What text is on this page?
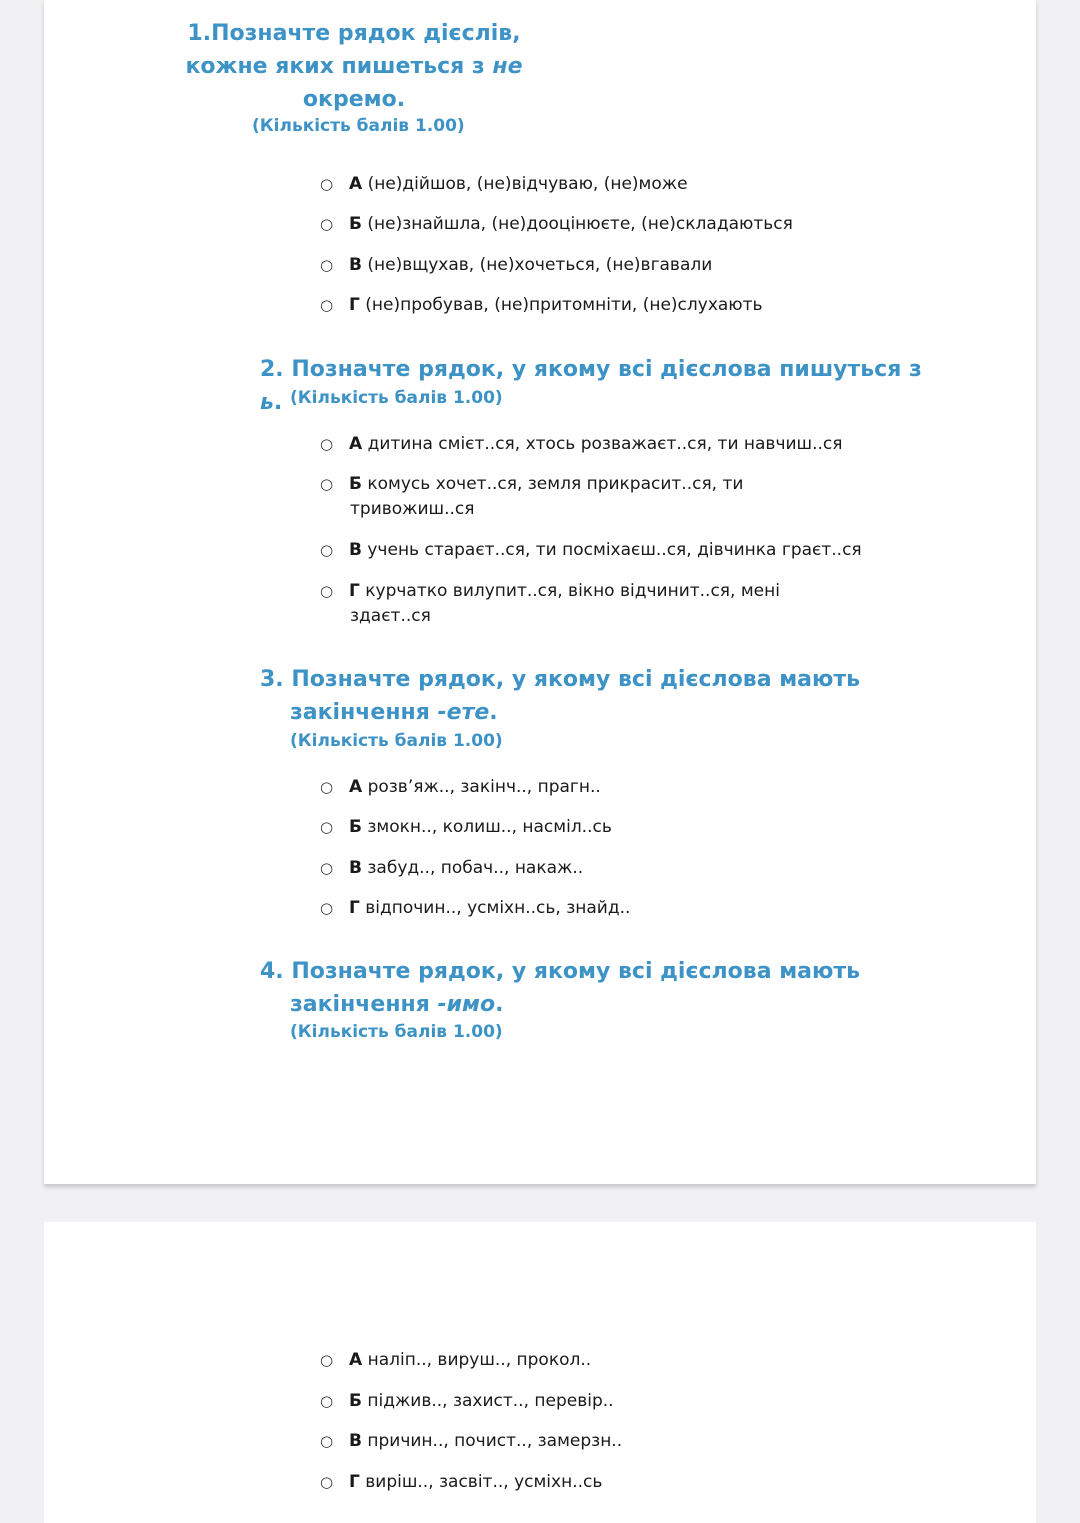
1.Позначте рядок дієслів, кожне яких пишеться з не окремо.
(Кількість балів 1.00)
○ А (не)дійшов, (не)відчуваю, (не)може
○ Б (не)знайшла, (не)дооцінюєте, (не)складаються
○ В (не)вщухав, (не)хочеться, (не)вгавали
○ Г (не)пробував, (не)притомніти, (не)слухають
2. Позначте рядок, у якому всі дієслова пишуться з ь. (Кількість балів 1.00)
○ А дитина смієт..ся, хтось розважаєт..ся, ти навчиш..ся
○ Б комусь хочет..ся, земля прикрасит..ся, ти
тривожиш..ся
○ В учень стараєт..ся, ти посміхаєш..ся, дівчинка граєт..ся
○ Г курчатко вилупит..ся, вікно відчинит..ся, мені
здаєт..ся
3. Позначте рядок, у якому всі дієслова мають
закінчення -ете.
(Кількість балів 1.00)
○ А розв’яж.., закінч.., прагн..
○ Б змокн.., колиш.., насміл..сь
○ В забуд.., побач.., накаж..
○ Г відпочин.., усміхн..сь, знайд..
4. Позначте рядок, у якому всі дієслова мають
закінчення -имо.
(Кількість балів 1.00)
○ А наліп.., вируш.., прокол..
○ Б піджив.., захист.., перевір..
○ В причин.., почист.., замерзн..
○ Г виріш.., засвіт.., усміхн..сь
